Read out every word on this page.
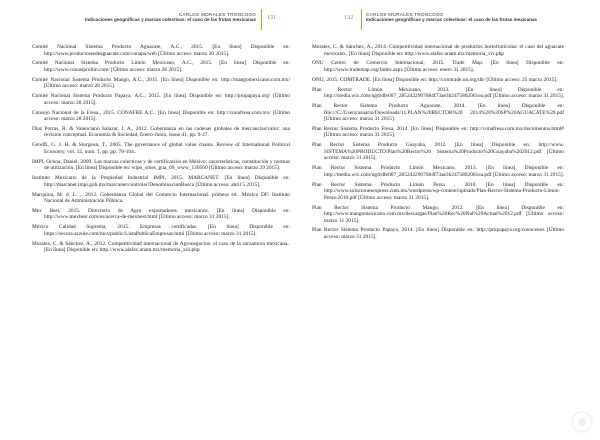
CARLOS MORALES TRONCOSO
Indicaciones geográficas y marcas colectivas: el caso de las frutas mexicanas 131
Comité Nacional Sistema Producto Aguacate, A.C., 2015. [En línea] Disponible en: http://www.productoresdeaguacate.com/conapa/web [Último acceso: marzo 30 2015].
Comité Nacional Sistema Producto Limón Mexicano, A.C., 2015. [En línea] Disponible en: http://www.conasiprolim.com/ [Último acceso: marzo 28 2015].
Comité Nacional Sistema Producto Mango, A.C., 2015. [En línea] Disponible en: http://mangomexicano.com.mx/ [Último acceso: marzo 28 2015].
Comité Nacional Sistema Producto Papaya, A.C., 2015. [En línea] Disponible en: http://propapaya.org/ [Último acceso: marzo 28 2015].
Consejo Nacional de la Fresa., 2015. CONAFRE A.C.. [En línea] Disponible en: http://conafresa.com.mx/ [Último acceso: marzo 28 2015].
Díaz Porras, R. & Valenciano Salazar, J. A., 2012. Gobernanza en las cadenas globales de mercancías/valor: una revisión conceptual. Economía & Sociedad, Enero-Junio, Issue 41, pp. 9-27.
Gereffi, G. J. H. & Sturgeon, T., 2005. The governance of global value chains. Review of International Political Economy, vol. 12, num. 1, pp. pp. 78-104..
IMPI, Ochoa, Daniel, 2009. Las marcas colectivas y de certificación en México: características, constitución y normas de utilización. [En línea] Disponible en: wipo_smes_gua_09_www_130560 [Último acceso: marzo 29 2015].
Instituto Mexicano de la Propiedad Industrial IMPI, 2015. MARCANET. [En línea] Disponible en: http://marcanet.impi.gob.mx/marcanet/controler/DenominacionBusca [Último acceso: abril 5 2015].
Marquina, M. d. L. ., 2012. Gobernanza Global del Comercio Internacional. primera ed.. México DF: Instituto Nacional de Administración Pública.
Mex Best, 2015. Directorio de Agro exportadores mexicanos. [En línea] Disponible en: http://www.mexbest.com/es/acerca-de-mexbest.html [Último acceso: marzo 31 2015].
México Calidad Suprema, 2015. Empresas certificadas. [En línea] Disponible en: https://secure.azzule.com/mcs/public/ListaPublicaEmpresas.html [Último acceso: marzo 31 2015].
Morales, C. & Sánchez, A., 2012. Competitividad internacional de Agronegocios: el caso de la zarzamora mexicana.. [En línea] Disponible en: http://www.alafec.unam.mx/memoria_xiii.php
132	CARLOS MORALES TRONCOSO
Indicaciones geográficas y marcas colectivas: el caso de las frutas mexicanas
Morales, C. & Sánchez, A., 2014. Competitividad internacional de productos hortofrutícolas: el caso del aguacate mexicano.. [En línea] Disponible en: http://www.alafec.unam.mx/memoria_xiv.php
ONU Centro de Comercio Internacional, 2015. Trade Map. [En línea] Disponible en: http://www.trademap.org/Index.aspx [Último acceso: enero 31 2015].
ONU, 2015. COMTRADE. [En línea] Disponible en: http://comtrade.un.org/db/ [Último acceso: 25 marzo 2015].
Plan Rector Limón Mexicano, 2013. [En línea] Disponible en: http://media.wix.com/ugd/dfe007_2852422907684f73ae3b2475802061ea.pdf [Último acceso: marzo 31 2015].
Plan Rector Sistema Producto Aguacate, 2014. [En línea] Disponible en: file:///C:/Users/usuario/Downloads/11.PLAN%20RECTOR%20 2014%20%20SP%20AGUACATE%20.pdf [Último acceso: marzo 31 2015].
Plan Rector Sistema Producto Fresa, 2014. [En línea] Disponible en: http://conafresa.com.mx/documentos.html# [Último acceso: marzo 31 2015].
Plan Rector Sistema Producto Guayaba, 2012. [En línea] Disponible en: http://www. SISTEMA%20PRODUCTO/Plan%20Rector%20 Sistema%20Producto%20Guayaba%202012.pdf [Último acceso: marzo 31 2015].
Plan Rector Sistema Producto Limón Mexicano, 2013. [En línea] Disponible en: http://media.wix.com/ugd/dfe007_2852422907684f73ae3b2475802061ea.pdf [Último acceso: marzo 31 2015].
Plan Rector Sistema Producto Limón Persa , 2010. [En línea] Disponible en: http://www.solucionesexpress.com.mx/wordpress/wp-content/uploads/Plan-Rector-Sistema-Producto-Limon-Persa-2010.pdf [Último acceso: marzo 31 2015].
Plan Rector Sistema Producto Mango, 2012. [En línea] Disponible en: http://www.mangomexicano.com.mx/descargas/Plan%20Rec%20Nal%20Actual%2012.pdf [Último acceso: marzo 31 2015].
Plan Rector Sistema Producto Papaya, 2014. [En línea] Disponible en: http://propapaya.org/conocenos [Último acceso: marzo 31 2015].
